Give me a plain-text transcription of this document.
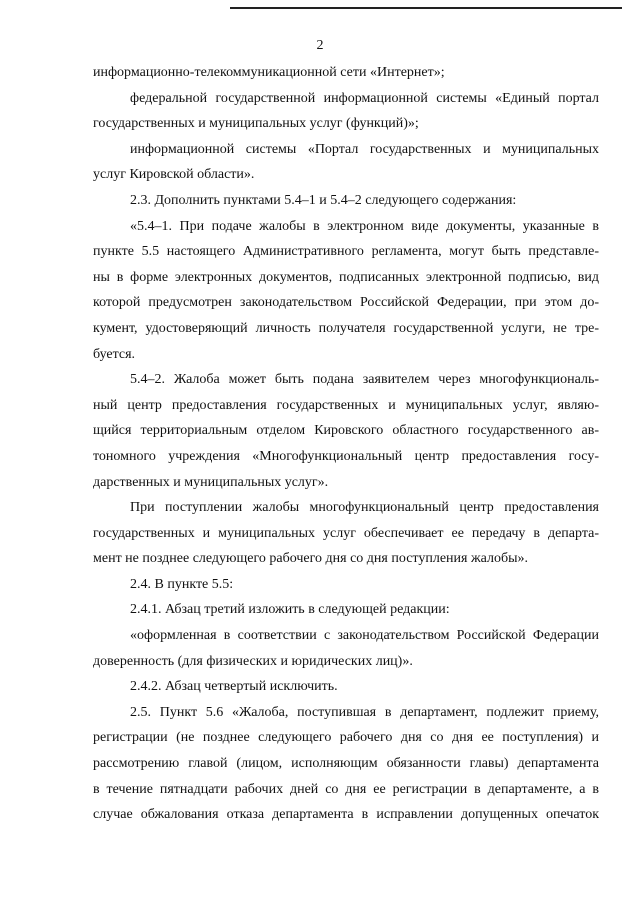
2
информационно-телекоммуникационной сети «Интернет»;
федеральной государственной информационной системы «Единый портал
государственных и муниципальных услуг (функций)»;
информационной системы «Портал государственных и муниципальных
услуг Кировской области».
2.3. Дополнить пунктами 5.4–1 и 5.4–2 следующего содержания:
«5.4–1. При подаче жалобы в электронном виде документы, указанные в
пункте 5.5 настоящего Административного регламента, могут быть представле-
ны в форме электронных документов, подписанных электронной подписью, вид
которой предусмотрен законодательством Российской Федерации, при этом до-
кумент, удостоверяющий личность получателя государственной услуги, не тре-
буется.
5.4–2. Жалоба может быть подана заявителем через многофункциональ-
ный центр предоставления государственных и муниципальных услуг, являю-
щийся территориальным отделом Кировского областного государственного ав-
тономного учреждения «Многофункциональный центр предоставления госу-
дарственных и муниципальных услуг».
При поступлении жалобы многофункциональный центр предоставления
государственных и муниципальных услуг обеспечивает ее передачу в департа-
мент не позднее следующего рабочего дня со дня поступления жалобы».
2.4. В пункте 5.5:
2.4.1. Абзац третий изложить в следующей редакции:
«оформленная в соответствии с законодательством Российской Федерации
доверенность (для физических и юридических лиц)».
2.4.2. Абзац четвертый исключить.
2.5. Пункт 5.6 «Жалоба, поступившая в департамент, подлежит приему,
регистрации (не позднее следующего рабочего дня со дня ее поступления) и
рассмотрению главой (лицом, исполняющим обязанности главы) департамента
в течение пятнадцати рабочих дней со дня ее регистрации в департаменте, а в
случае обжалования отказа департамента в исправлении допущенных опечаток
